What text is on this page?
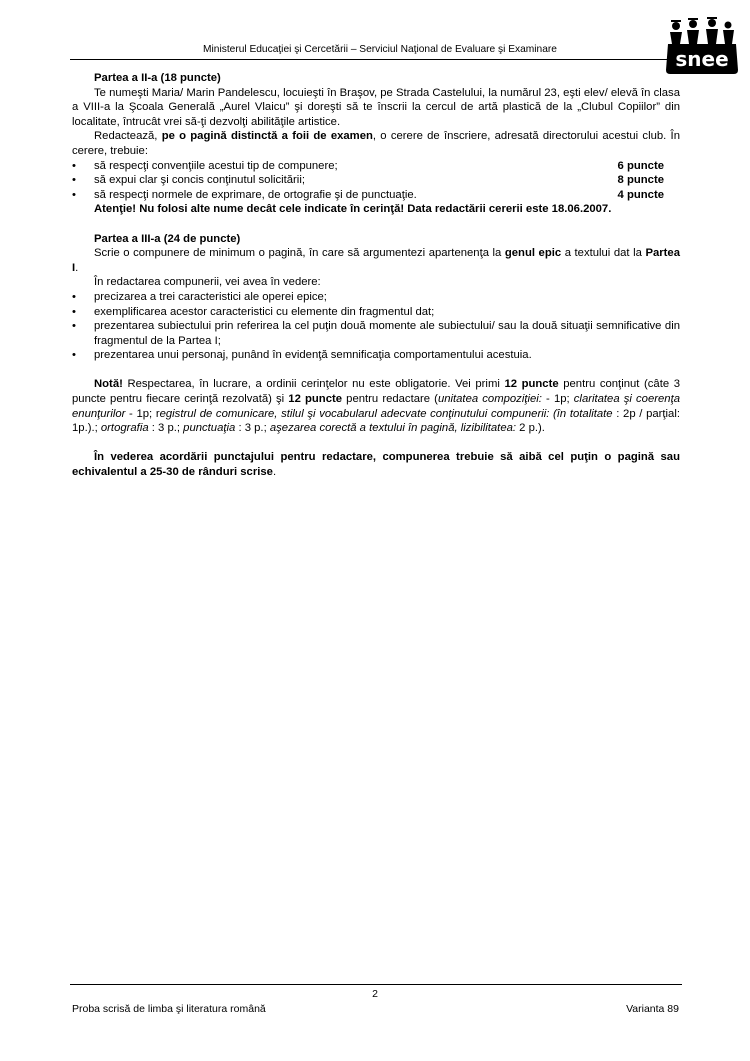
Ministerul Educaţiei şi Cercetării – Serviciul Naţional de Evaluare şi Examinare	snee

Partea a II-a (18 puncte)

Te numeşti Maria/ Marin Pandelescu, locuieşti în Braşov, pe Strada Castelului, la numărul 23, eşti elev/ elevă în clasa a VIII-a la Şcoala Generală „Aurel Vlaicu” şi doreşti să te înscrii la cercul de artă plastică de la „Clubul Copiilor” din localitate, întrucât vrei să-ţi dezvolţi abilităţile artistice.

Redactează, pe o pagină distinctă a foii de examen, o cerere de înscriere, adresată directorului acestui club. În cerere, trebuie:

• să respecţi convenţiile acestui tip de compunere;	6 puncte
• să expui clar şi concis conţinutul solicitării;	8 puncte
• să respecţi normele de exprimare, de ortografie şi de punctuaţie.	4 puncte

Atenţie! Nu folosi alte nume decât cele indicate în cerinţă! Data redactării cererii este 18.06.2007.

Partea a III-a (24 de puncte)

Scrie o compunere de minimum o pagină, în care să argumentezi apartenenţa la genul epic a textului dat la Partea I.

În redactarea compunerii, vei avea în vedere:

• precizarea a trei caracteristici ale operei epice;
• exemplificarea acestor caracteristici cu elemente din fragmentul dat;
• prezentarea subiectului prin referirea la cel puţin două momente ale subiectului/ sau la două situaţii semnificative din fragmentul de la Partea I;
• prezentarea unui personaj, punând în evidenţă semnificaţia comportamentului acestuia.

Notă! Respectarea, în lucrare, a ordinii cerinţelor nu este obligatorie. Vei primi 12 puncte pentru conţinut (câte 3 puncte pentru fiecare cerinţă rezolvată) şi 12 puncte pentru redactare (unitatea compoziţiei: - 1p; claritatea şi coerenţa enunţurilor - 1p; registrul de comunicare, stilul şi vocabularul adecvate conţinutului compunerii: (în totalitate : 2p / parţial: 1p.).; ortografia : 3 p.; punctuaţia : 3 p.; aşezarea corectă a textului în pagină, lizibilitatea: 2 p.).

În vederea acordării punctajului pentru redactare, compunerea trebuie să aibă cel puţin o pagină sau echivalentul a 25-30 de rânduri scrise.

2
Proba scrisă de limba şi literatura română	Varianta 89
